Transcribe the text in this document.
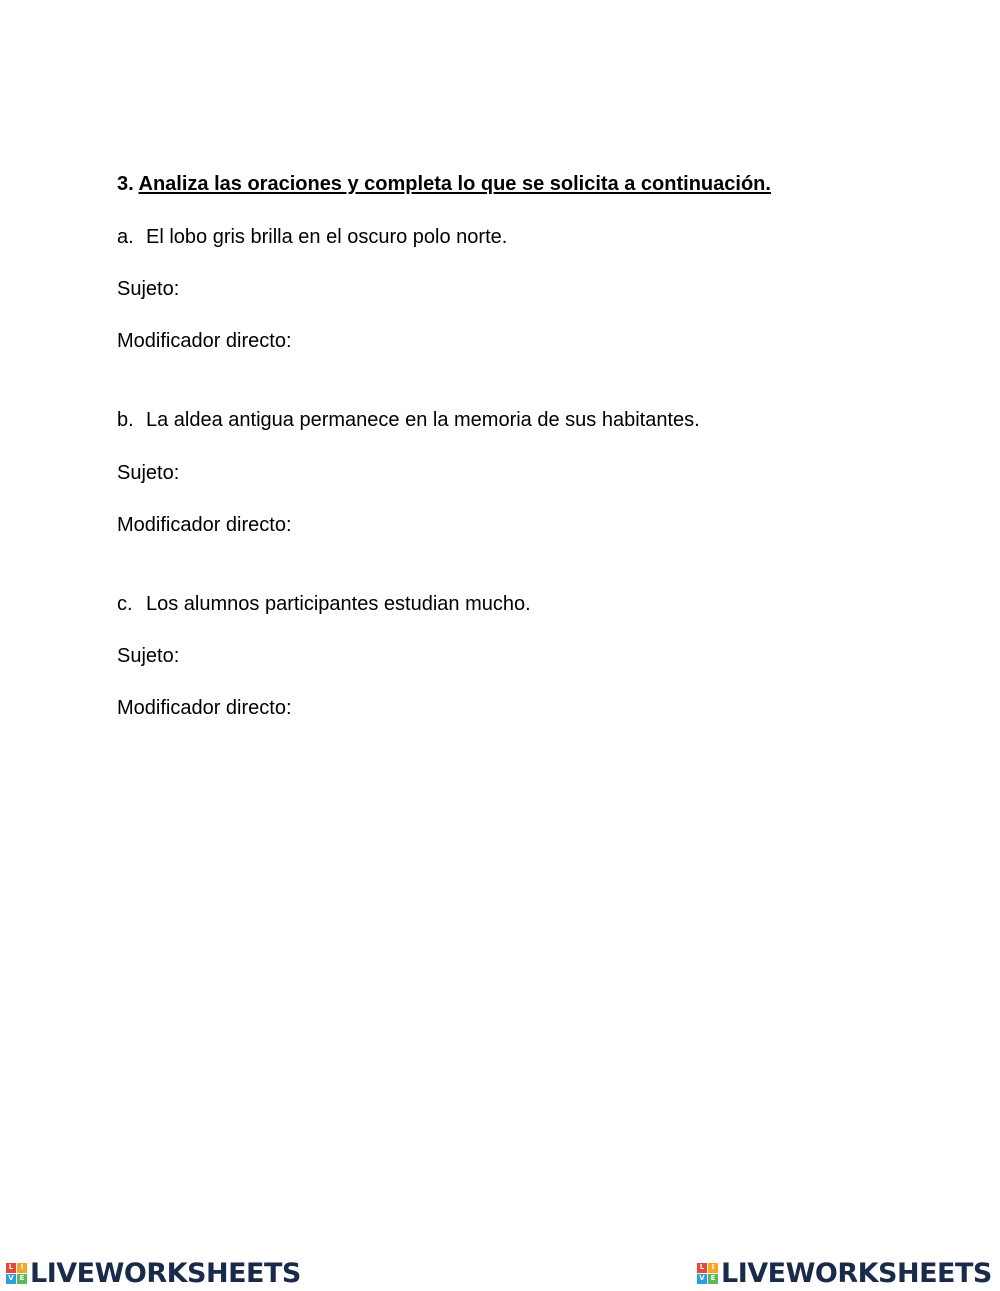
3. Analiza las oraciones y completa lo que se solicita a continuación.
a. El lobo gris brilla en el oscuro polo norte.
Sujeto:
Modificador directo:
b. La aldea antigua permanece en la memoria de sus habitantes.
Sujeto:
Modificador directo:
c. Los alumnos participantes estudian mucho.
Sujeto:
Modificador directo:
L	I
V E LIVEWORKSHEETS	L	I
V E LIVEWORKSHEETS
